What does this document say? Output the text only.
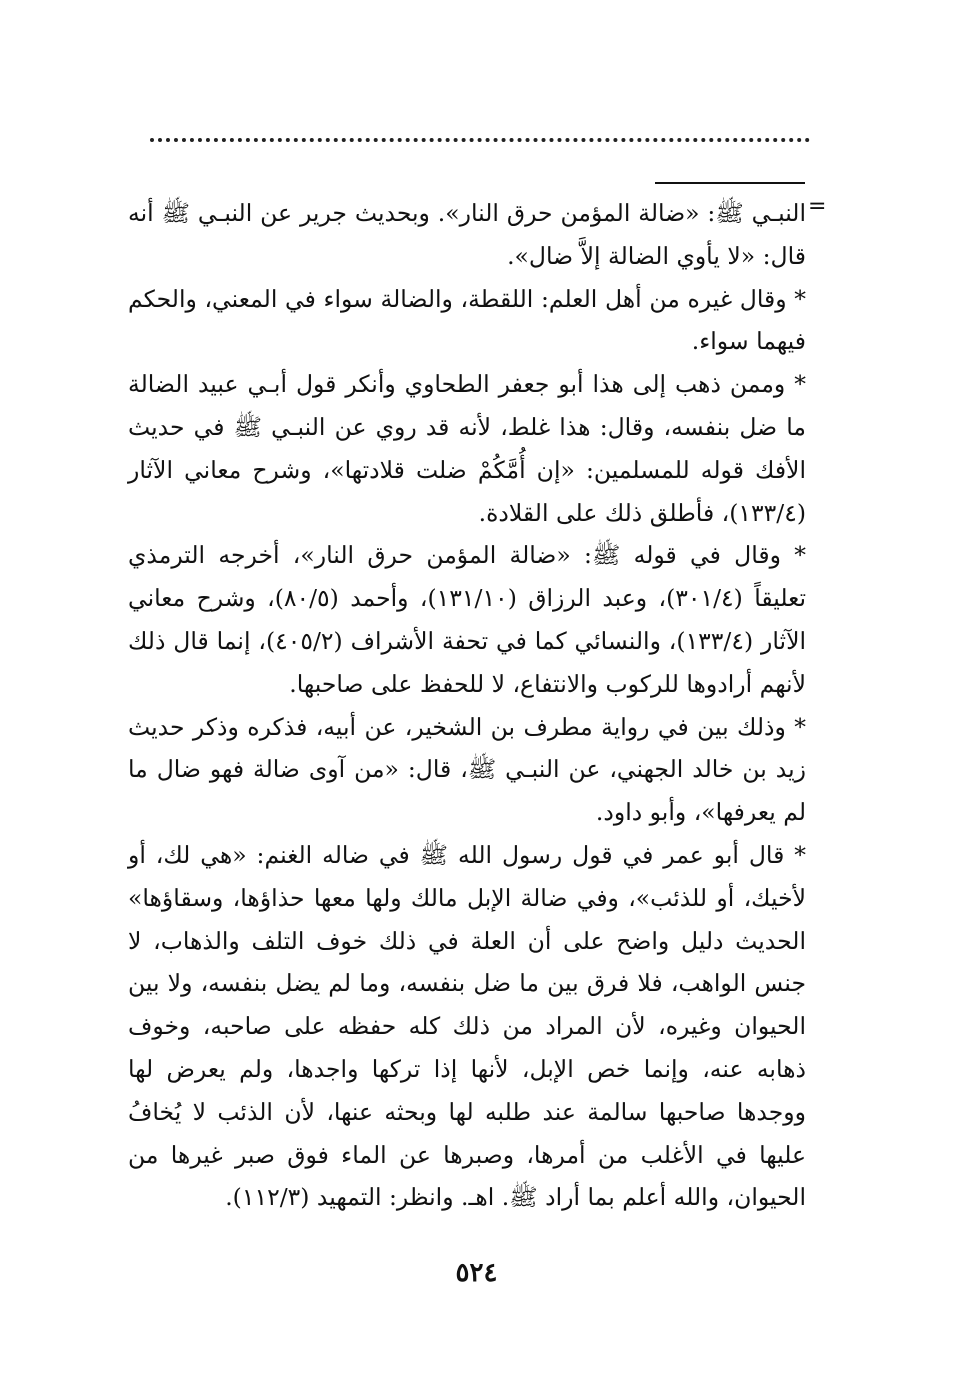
=

النبـي ﷺ: «ضالة المؤمن حرق النار». وبحديث جرير عن النبـي ﷺ أنه قال: «لا يأوي الضالة إلاَّ ضال».

* وقال غيره من أهل العلم: اللقطة، والضالة سواء في المعني، والحكم فيهما سواء.

* وممن ذهب إلى هذا أبو جعفر الطحاوي وأنكر قول أبـي عبيد الضالة ما ضل بنفسه، وقال: هذا غلط، لأنه قد روي عن النبـي ﷺ في حديث الأفك قوله للمسلمين: «إن أُمَّكُمْ ضلت قلادتها»، وشرح معاني الآثار (١٣٣/٤)، فأطلق ذلك على القلادة.

* وقال في قوله ﷺ: «ضالة المؤمن حرق النار»، أخرجه الترمذي تعليقاً (٣٠١/٤)، وعبد الرزاق (١٣١/١٠)، وأحمد (٨٠/٥)، وشرح معاني الآثار (١٣٣/٤)، والنسائي كما في تحفة الأشراف (٤٠٥/٢)، إنما قال ذلك لأنهم أرادوها للركوب والانتفاع، لا للحفظ على صاحبها.

* وذلك بين في رواية مطرف بن الشخير، عن أبيه، فذكره وذكر حديث زيد بن خالد الجهني، عن النبـي ﷺ، قال: «من آوى ضالة فهو ضال ما لم يعرفها»، وأبو داود.

* قال أبو عمر في قول رسول الله ﷺ في ضاله الغنم: «هي لك، أو لأخيك، أو للذئب»، وفي ضالة الإبل مالك ولها معها حذاؤها، وسقاؤها» الحديث دليل واضح على أن العلة في ذلك خوف التلف والذهاب، لا جنس الواهب، فلا فرق بين ما ضل بنفسه، وما لم يضل بنفسه، ولا بين الحيوان وغيره، لأن المراد من ذلك كله حفظه على صاحبه، وخوف ذهابه عنه، وإنما خص الإبل، لأنها إذا تركها واجدها، ولم يعرض لها ووجدها صاحبها سالمة عند طلبه لها وبحثه عنها، لأن الذئب لا يُخافُ عليها في الأغلب من أمرها، وصبرها عن الماء فوق صبر غيرها من الحيوان، والله أعلم بما أراد ﷺ. اهـ. وانظر: التمهيد (١١٢/٣).

٥٢٤
